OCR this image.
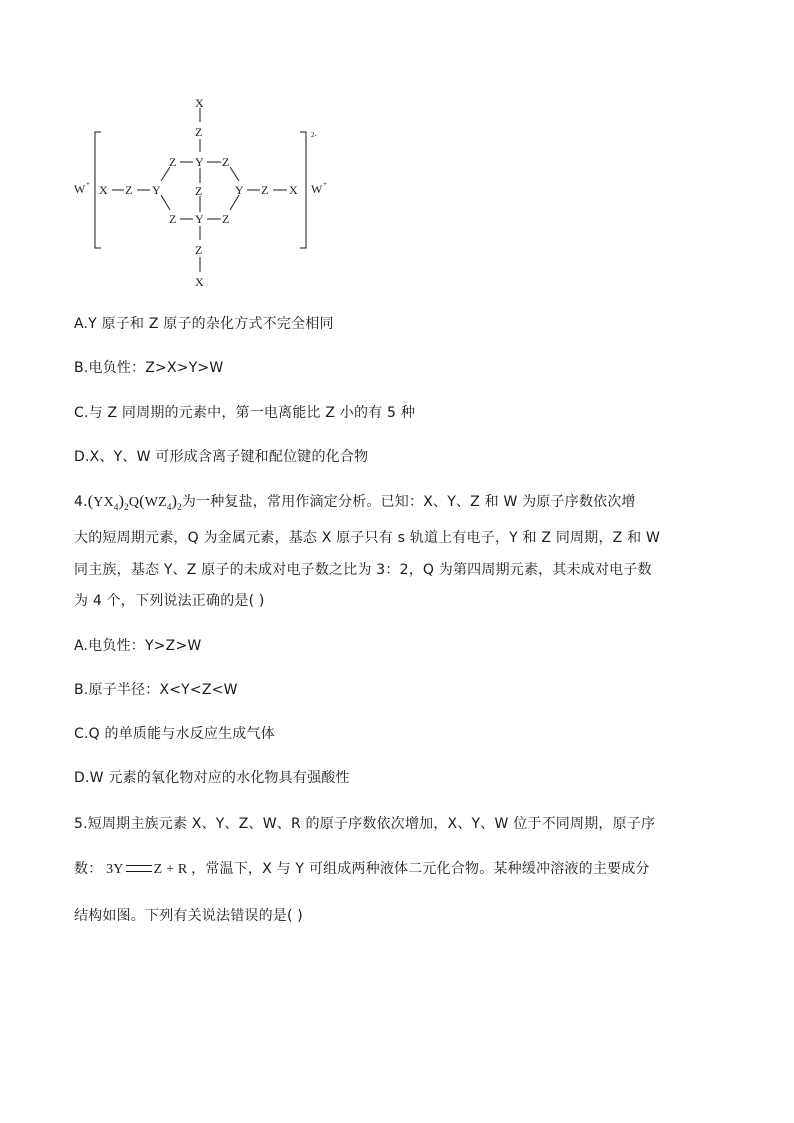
X
Z
Z Y Z
Z
Y	Y
Z Y Z
Z
X
X Z	Z X
W +	W +
2-
A.Y 原子和 Z 原子的杂化方式不完全相同
B.电负性：Z>X>Y>W
C.与 Z 同周期的元素中，第一电离能比 Z 小的有 5 种
D.X、Y、W 可形成含离子键和配位键的化合物
$4.(YX_4)_2Q(WZ_4)_2$为一种复盐，常用作滴定分析。已知：X、Y、Z 和 W 为原子序数依次增
大的短周期元素，Q 为金属元素，基态 X 原子只有 s 轨道上有电子，Y 和 Z 同周期，Z 和 W
同主族，基态 Y、Z 原子的未成对电子数之比为 3：2，Q 为第四周期元素，其未成对电子数
为 4 个，下列说法正确的是( )
A.电负性：Y>Z>W
B.原子半径：X<Y<Z<W
C.Q 的单质能与水反应生成气体
D.W 元素的氧化物对应的水化物具有强酸性
5.短周期主族元素 X、Y、Z、W、R 的原子序数依次增加，X、Y、W 位于不同周期，原子序
数： 3Y Z + R ，常温下，X 与 Y 可组成两种液体二元化合物。某种缓冲溶液的主要成分
结构如图。下列有关说法错误的是( )
